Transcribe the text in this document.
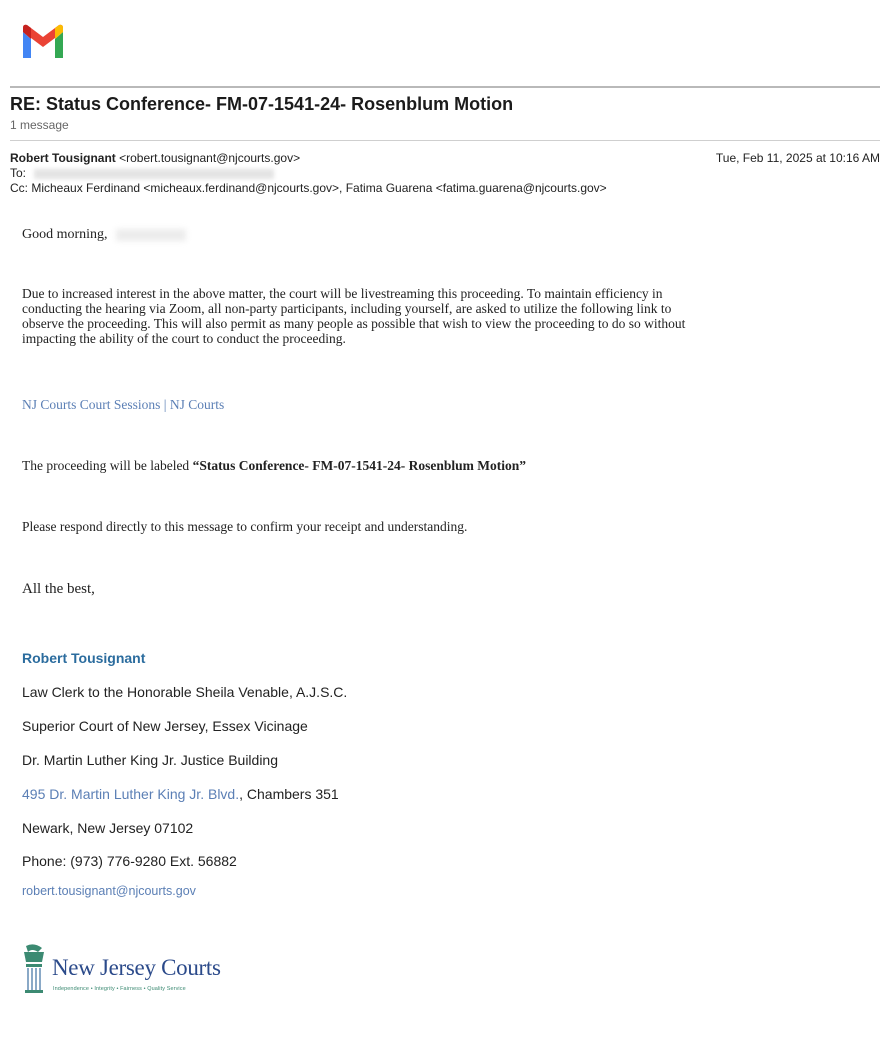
RE: Status Conference- FM-07-1541-24- Rosenblum Motion
1 message
Robert Tousignant <robert.tousignant@njcourts.gov>	Tue, Feb 11, 2025 at 10:16 AM
To:
Cc: Micheaux Ferdinand <micheaux.ferdinand@njcourts.gov>, Fatima Guarena <fatima.guarena@njcourts.gov>
Good morning,
Due to increased interest in the above matter, the court will be livestreaming this proceeding. To maintain efficiency in
conducting the hearing via Zoom, all non-party participants, including yourself, are asked to utilize the following link to
observe the proceeding. This will also permit as many people as possible that wish to view the proceeding to do so without
impacting the ability of the court to conduct the proceeding.
NJ Courts Court Sessions | NJ Courts
The proceeding will be labeled “Status Conference- FM-07-1541-24- Rosenblum Motion”
Please respond directly to this message to confirm your receipt and understanding.
All the best,
Robert Tousignant
Law Clerk to the Honorable Sheila Venable, A.J.S.C.
Superior Court of New Jersey, Essex Vicinage
Dr. Martin Luther King Jr. Justice Building
495 Dr. Martin Luther King Jr. Blvd., Chambers 351
Newark, New Jersey 07102
Phone: (973) 776-9280 Ext. 56882
robert.tousignant@njcourts.gov
New Jersey Courts
Independence • Integrity • Fairness • Quality Service
